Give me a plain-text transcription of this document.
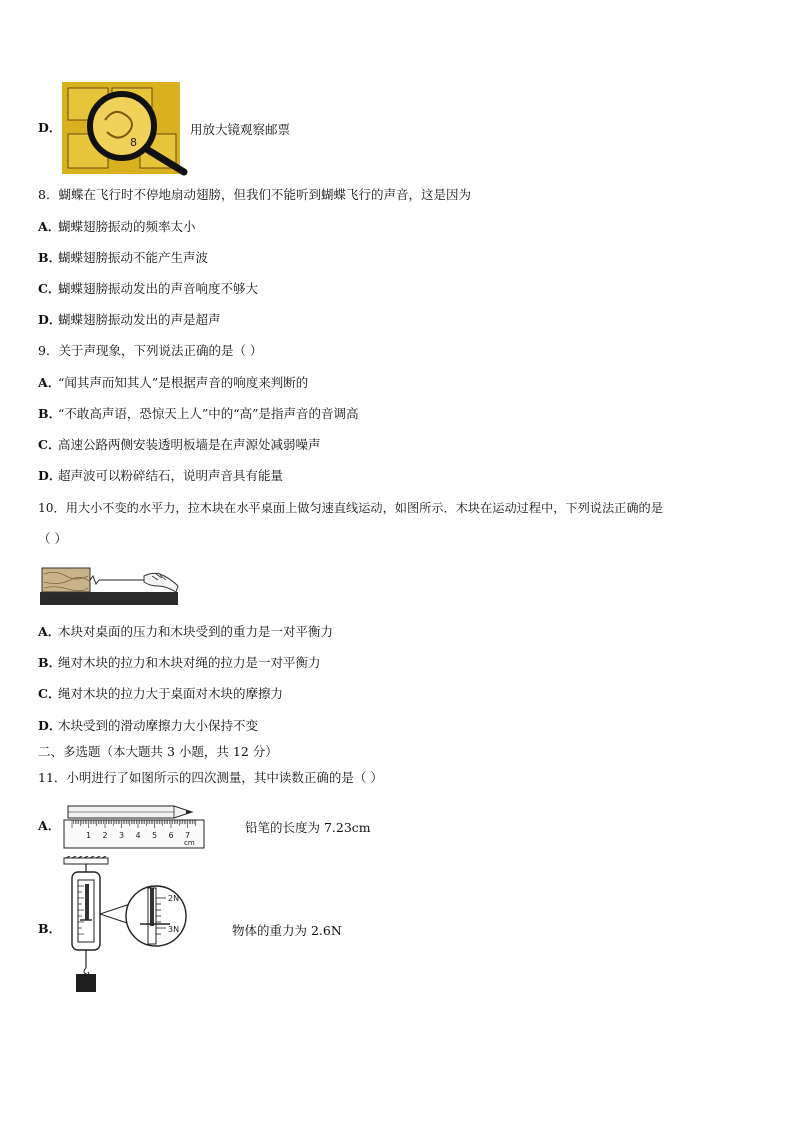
D．
8
用放大镜观察邮票
8．蝴蝶在飞行时不停地扇动翅膀，但我们不能听到蝴蝶飞行的声音，这是因为
A．蝴蝶翅膀振动的频率太小
B．蝴蝶翅膀振动不能产生声波
C．蝴蝶翅膀振动发出的声音响度不够大
D．蝴蝶翅膀振动发出的声是超声
9．关于声现象，下列说法正确的是（ ）
A．“闻其声而知其人”是根据声音的响度来判断的
B．“不敢高声语，恐惊天上人”中的“高”是指声音的音调高
C．高速公路两侧安装透明板墙是在声源处减弱噪声
D．超声波可以粉碎结石，说明声音具有能量
10．用大小不变的水平力，拉木块在水平桌面上做匀速直线运动，如图所示．木块在运动过程中，下列说法正确的是
（ ）
A．木块对桌面的压力和木块受到的重力是一对平衡力
B．绳对木块的拉力和木块对绳的拉力是一对平衡力
C．绳对木块的拉力大于桌面对木块的摩擦力
D．木块受到的滑动摩擦力大小保持不变
二、多选题（本大题共 3 小题，共 12 分）
11．小明进行了如图所示的四次测量，其中读数正确的是（ ）
A．
1 2 3 4 5 6 7
cm
铅笔的长度为 7.23cm
B．
2N
3N	物体的重力为 2.6N
